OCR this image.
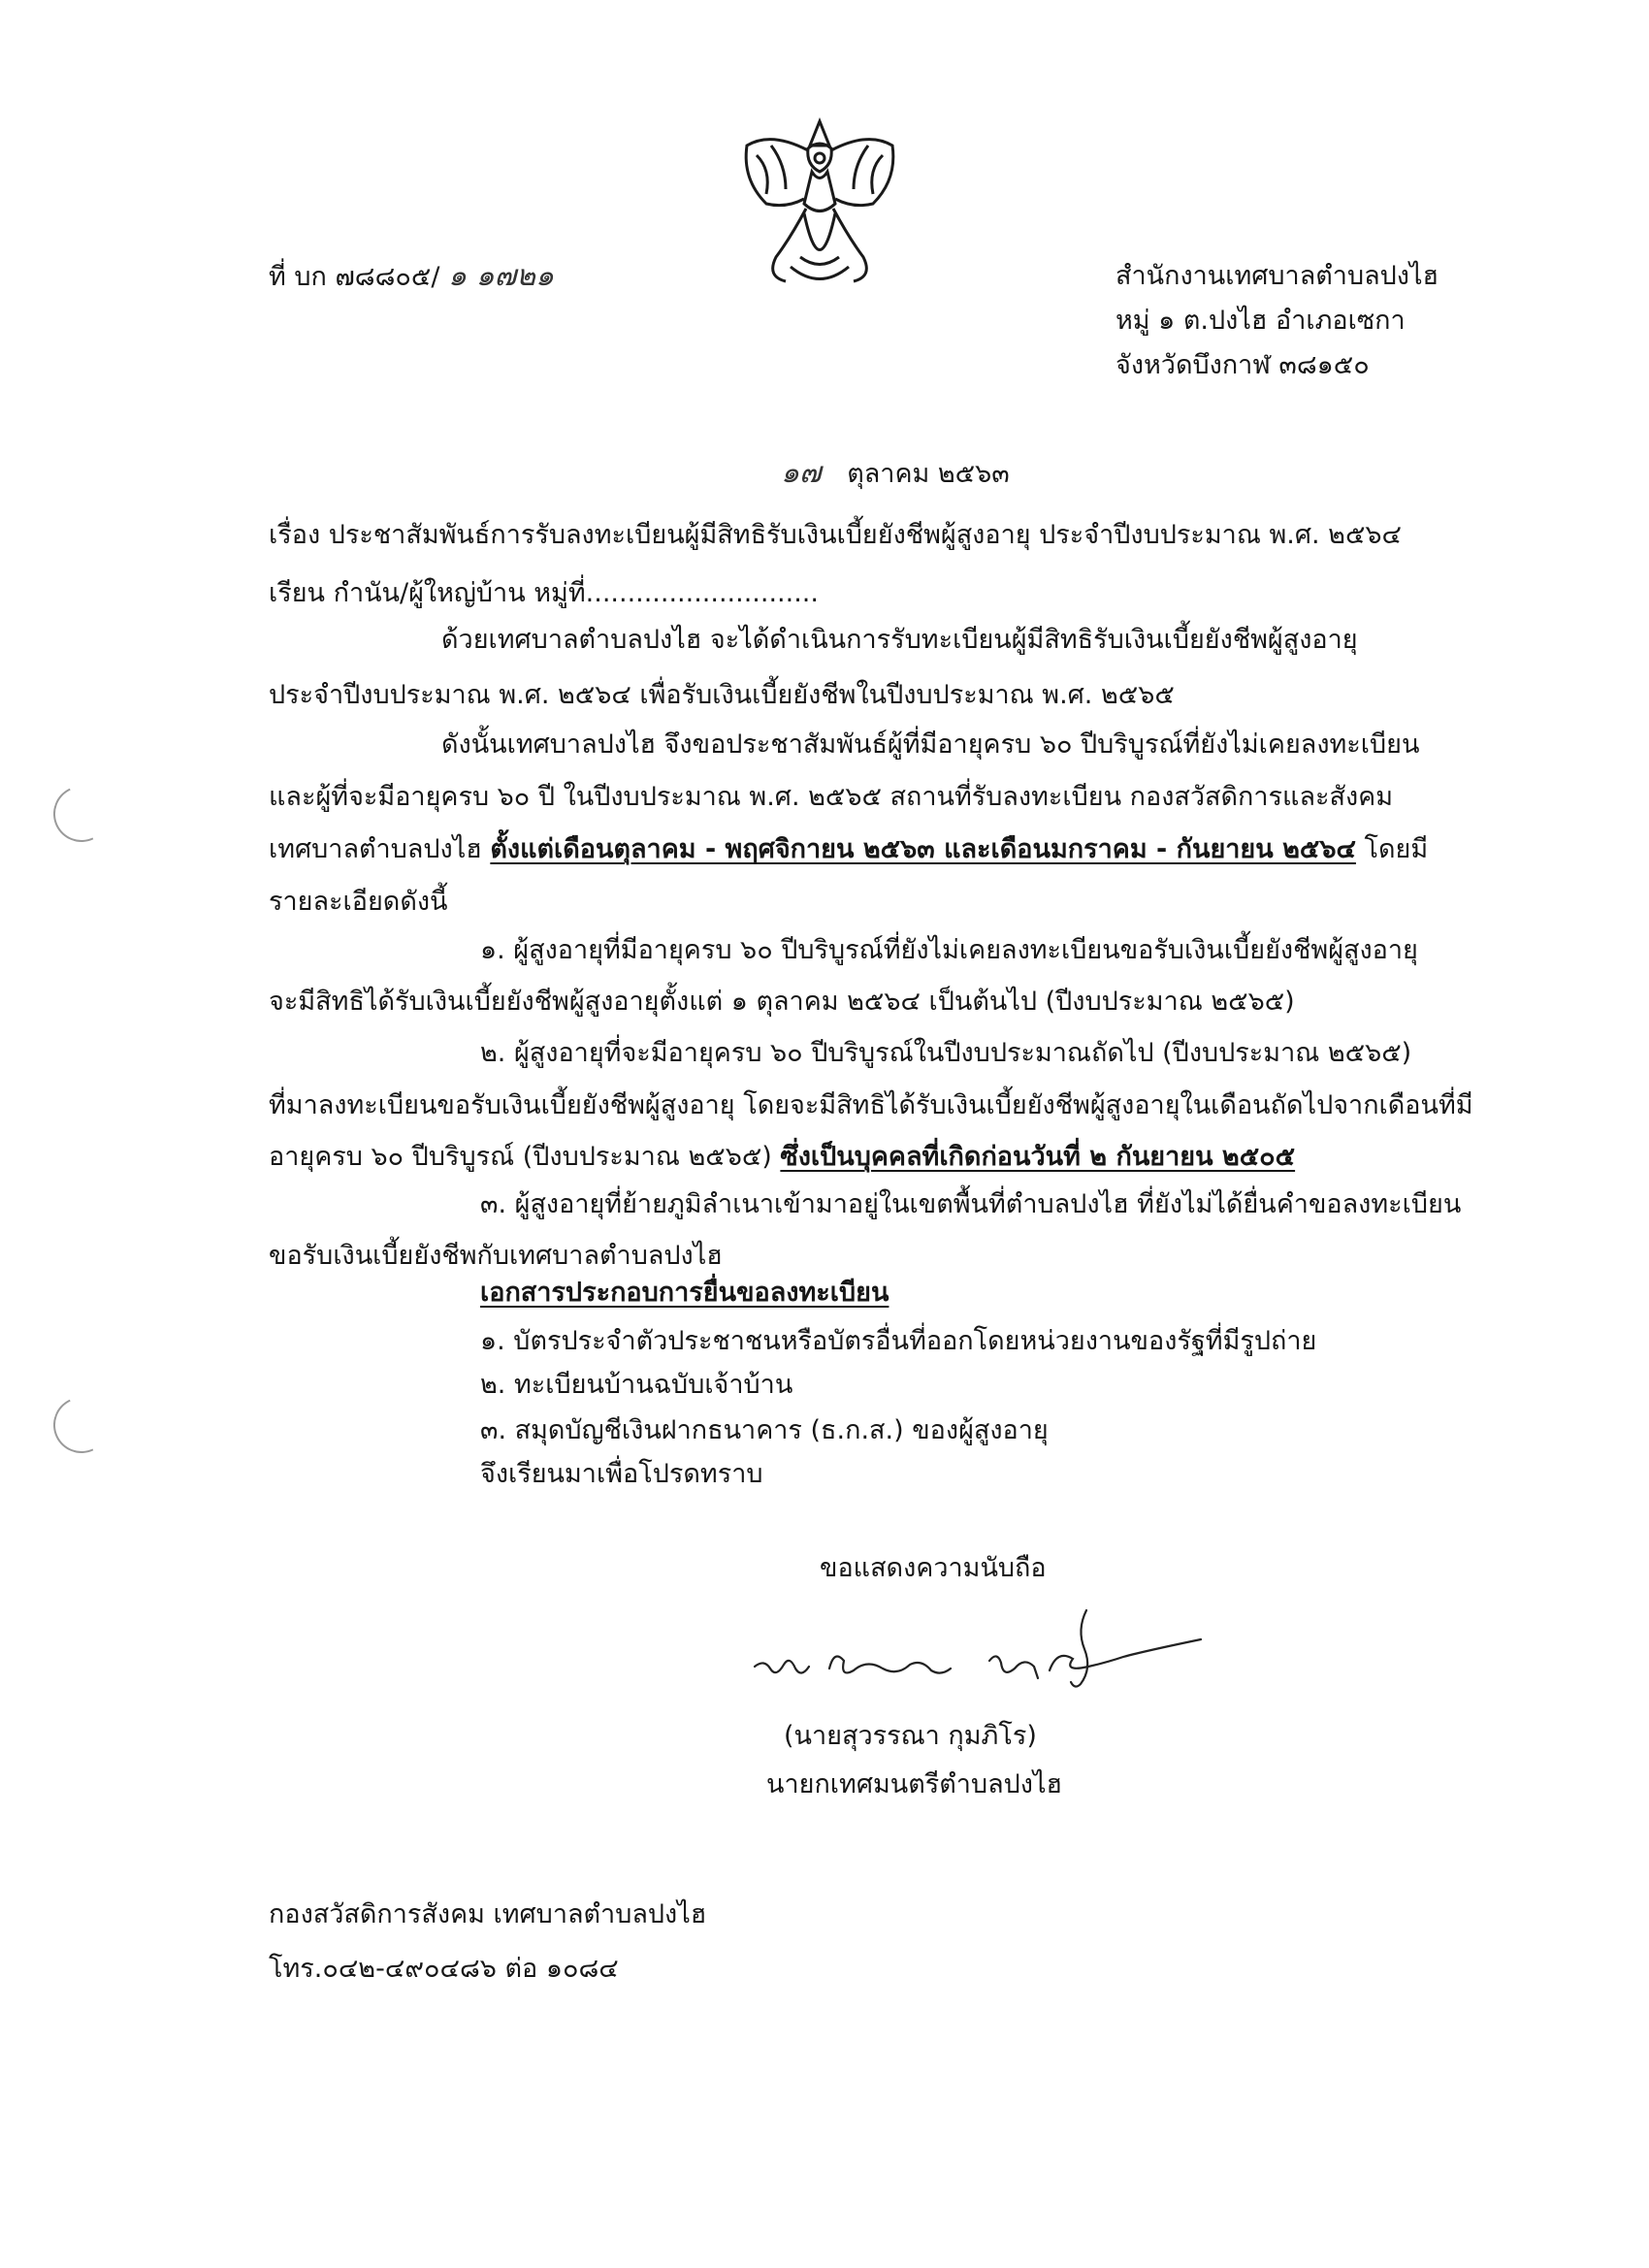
ที่ บก ๗๘๘๐๕/ ๑ ๑๗๒๑	สำนักงานเทศบาลตำบลปงไฮ
หมู่ ๑ ต.ปงไฮ อำเภอเซกา
จังหวัดบึงกาฬ ๓๘๑๕๐
๑๗ ตุลาคม ๒๕๖๓
เรื่อง ประชาสัมพันธ์การรับลงทะเบียนผู้มีสิทธิรับเงินเบี้ยยังชีพผู้สูงอายุ ประจำปีงบประมาณ พ.ศ. ๒๕๖๔
เรียน กำนัน/ผู้ใหญ่บ้าน หมู่ที่............................
ด้วยเทศบาลตำบลปงไฮ จะได้ดำเนินการรับทะเบียนผู้มีสิทธิรับเงินเบี้ยยังชีพผู้สูงอายุ
ประจำปีงบประมาณ พ.ศ. ๒๕๖๔ เพื่อรับเงินเบี้ยยังชีพในปีงบประมาณ พ.ศ. ๒๕๖๕
ดังนั้นเทศบาลปงไฮ จึงขอประชาสัมพันธ์ผู้ที่มีอายุครบ ๖๐ ปีบริบูรณ์ที่ยังไม่เคยลงทะเบียน
และผู้ที่จะมีอายุครบ ๖๐ ปี ในปีงบประมาณ พ.ศ. ๒๕๖๕ สถานที่รับลงทะเบียน กองสวัสดิการและสังคม
เทศบาลตำบลปงไฮ ตั้งแต่เดือนตุลาคม - พฤศจิกายน ๒๕๖๓ และเดือนมกราคม - กันยายน ๒๕๖๔ โดยมี
รายละเอียดดังนี้
๑. ผู้สูงอายุที่มีอายุครบ ๖๐ ปีบริบูรณ์ที่ยังไม่เคยลงทะเบียนขอรับเงินเบี้ยยังชีพผู้สูงอายุ
จะมีสิทธิได้รับเงินเบี้ยยังชีพผู้สูงอายุตั้งแต่ ๑ ตุลาคม ๒๕๖๔ เป็นต้นไป (ปีงบประมาณ ๒๕๖๕)
๒. ผู้สูงอายุที่จะมีอายุครบ ๖๐ ปีบริบูรณ์ในปีงบประมาณถัดไป (ปีงบประมาณ ๒๕๖๕)
ที่มาลงทะเบียนขอรับเงินเบี้ยยังชีพผู้สูงอายุ โดยจะมีสิทธิได้รับเงินเบี้ยยังชีพผู้สูงอายุในเดือนถัดไปจากเดือนที่มี
อายุครบ ๖๐ ปีบริบูรณ์ (ปีงบประมาณ ๒๕๖๕) ซึ่งเป็นบุคคลที่เกิดก่อนวันที่ ๒ กันยายน ๒๕๐๕
๓. ผู้สูงอายุที่ย้ายภูมิลำเนาเข้ามาอยู่ในเขตพื้นที่ตำบลปงไฮ ที่ยังไม่ได้ยื่นคำขอลงทะเบียน
ขอรับเงินเบี้ยยังชีพกับเทศบาลตำบลปงไฮ
เอกสารประกอบการยื่นขอลงทะเบียน
๑. บัตรประจำตัวประชาชนหรือบัตรอื่นที่ออกโดยหน่วยงานของรัฐที่มีรูปถ่าย
๒. ทะเบียนบ้านฉบับเจ้าบ้าน
๓. สมุดบัญชีเงินฝากธนาคาร (ธ.ก.ส.) ของผู้สูงอายุ
จึงเรียนมาเพื่อโปรดทราบ
ขอแสดงความนับถือ
(นายสุวรรณา กุมภิโร)
นายกเทศมนตรีตำบลปงไฮ
กองสวัสดิการสังคม เทศบาลตำบลปงไฮ
โทร.๐๔๒-๔๙๐๔๘๖ ต่อ ๑๐๘๔
